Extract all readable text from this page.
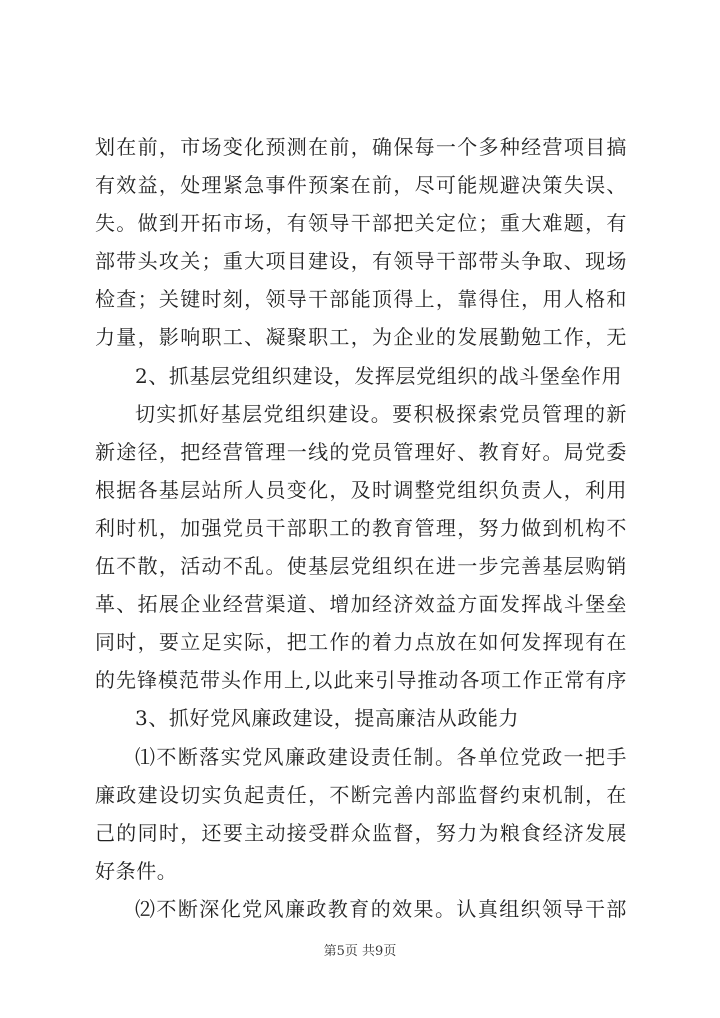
划在前，市场变化预测在前，确保每一个多种经营项目搞
有效益，处理紧急事件预案在前，尽可能规避决策失误、
失。做到开拓市场，有领导干部把关定位；重大难题，有
部带头攻关；重大项目建设，有领导干部带头争取、现场
检查；关键时刻，领导干部能顶得上，靠得住，用人格和
力量，影响职工、凝聚职工，为企业的发展勤勉工作，无
2、抓基层党组织建设，发挥层党组织的战斗堡垒作用
切实抓好基层党组织建设。要积极探索党员管理的新
新途径，把经营管理一线的党员管理好、教育好。局党委
根据各基层站所人员变化，及时调整党组织负责人，利用
利时机，加强党员干部职工的教育管理，努力做到机构不
伍不散，活动不乱。使基层党组织在进一步完善基层购销
革、拓展企业经营渠道、增加经济效益方面发挥战斗堡垒
同时，要立足实际，把工作的着力点放在如何发挥现有在
的先锋模范带头作用上,以此来引导推动各项工作正常有序
3、抓好党风廉政建设，提高廉洁从政能力
⑴不断落实党风廉政建设责任制。各单位党政一把手
廉政建设切实负起责任，不断完善内部监督约束机制，在
己的同时，还要主动接受群众监督，努力为粮食经济发展
好条件。
⑵不断深化党风廉政教育的效果。认真组织领导干部
第5页 共9页
